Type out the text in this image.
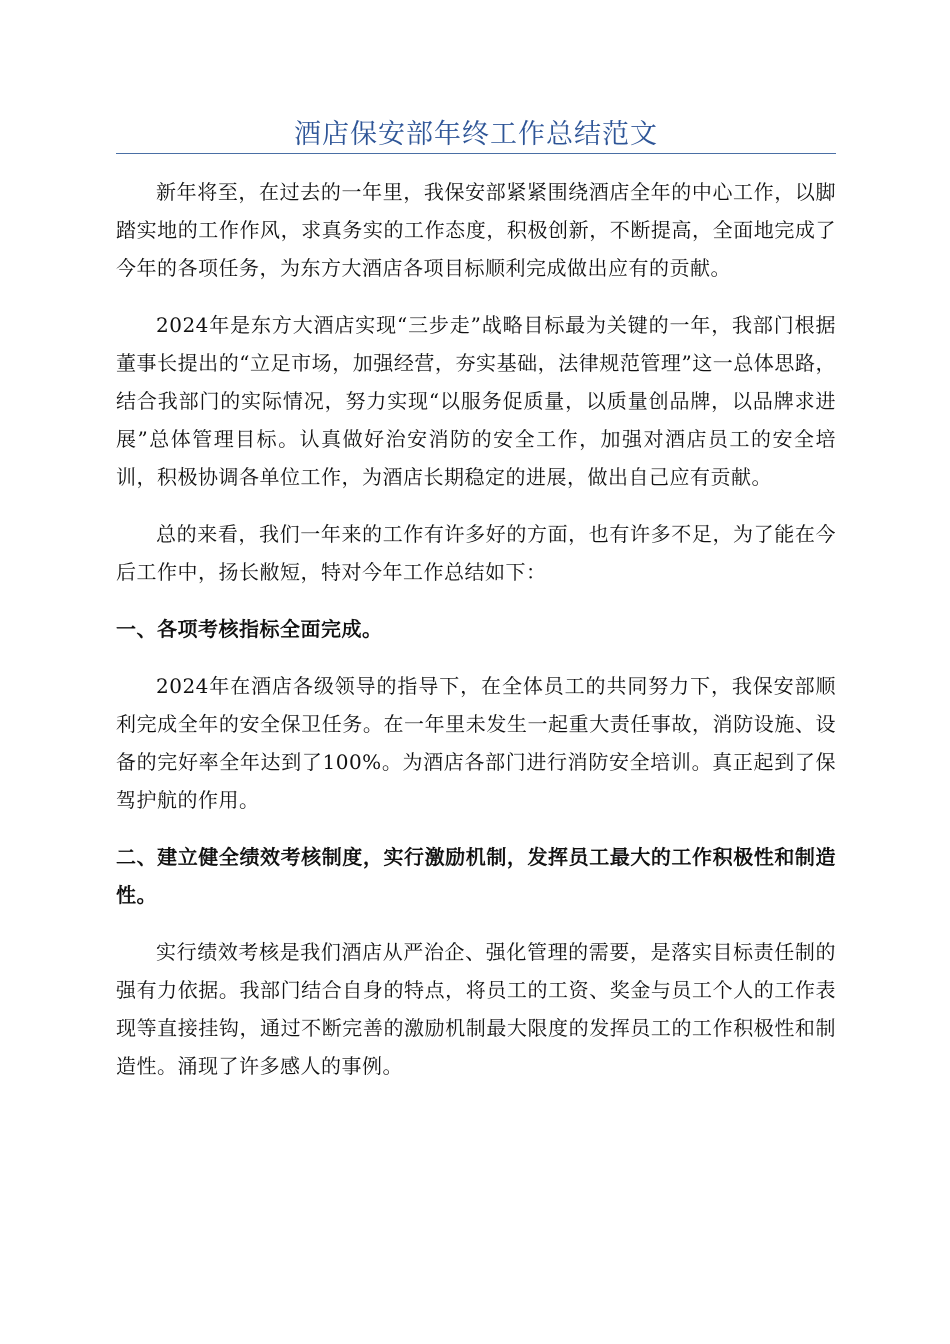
酒店保安部年终工作总结范文

新年将至，在过去的一年里，我保安部紧紧围绕酒店全年的中心工作，以脚踏实地的工作作风，求真务实的工作态度，积极创新，不断提高，全面地完成了今年的各项任务，为东方大酒店各项目标顺利完成做出应有的贡献。

2024年是东方大酒店实现“三步走”战略目标最为关键的一年，我部门根据董事长提出的“立足市场，加强经营，夯实基础，法律规范管理”这一总体思路，结合我部门的实际情况，努力实现“以服务促质量，以质量创品牌，以品牌求进展”总体管理目标。认真做好治安消防的安全工作，加强对酒店员工的安全培训，积极协调各单位工作，为酒店长期稳定的进展，做出自己应有贡献。

总的来看，我们一年来的工作有许多好的方面，也有许多不足，为了能在今后工作中，扬长敝短，特对今年工作总结如下：

一、各项考核指标全面完成。

2024年在酒店各级领导的指导下，在全体员工的共同努力下，我保安部顺利完成全年的安全保卫任务。在一年里未发生一起重大责任事故，消防设施、设备的完好率全年达到了100%。为酒店各部门进行消防安全培训。真正起到了保驾护航的作用。

二、建立健全绩效考核制度，实行激励机制，发挥员工最大的工作积极性和制造性。

实行绩效考核是我们酒店从严治企、强化管理的需要，是落实目标责任制的强有力依据。我部门结合自身的特点，将员工的工资、奖金与员工个人的工作表现等直接挂钩，通过不断完善的激励机制最大限度的发挥员工的工作积极性和制造性。涌现了许多感人的事例。
